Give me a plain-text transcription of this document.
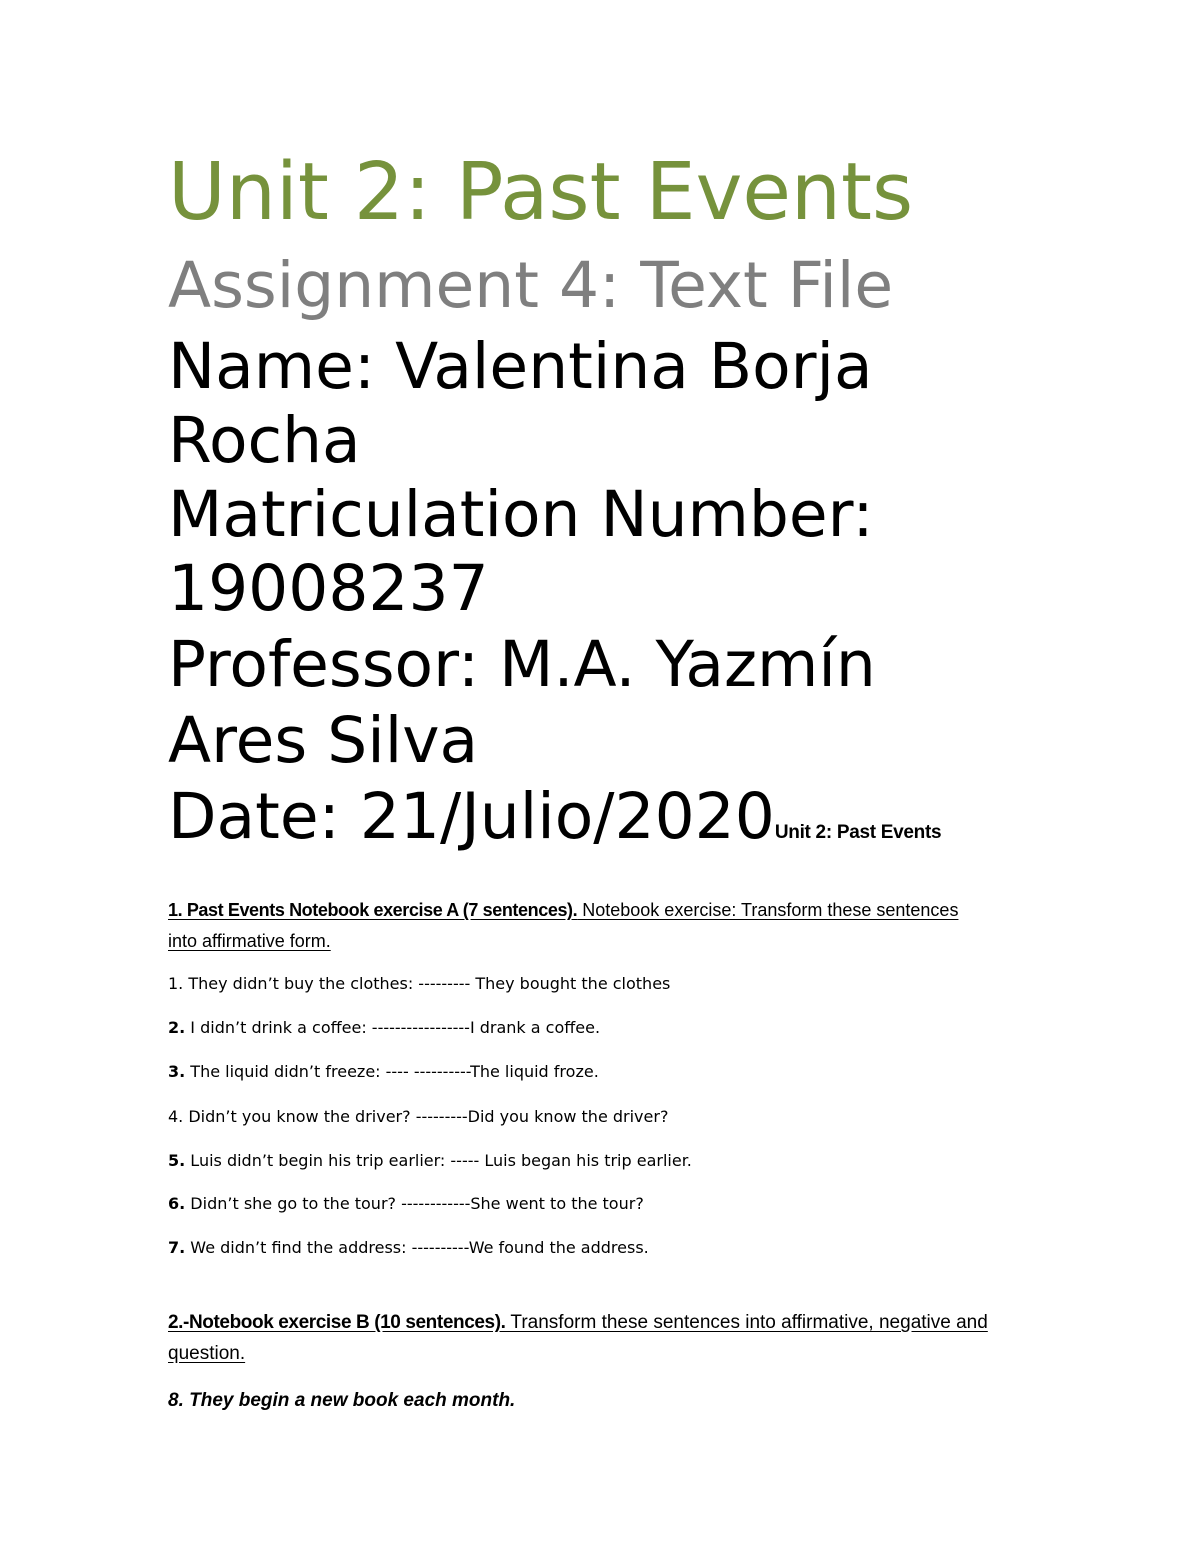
Unit 2: Past Events
Assignment 4: Text File
Name: Valentina Borja
Rocha
Matriculation Number:
19008237
Professor: M.A. Yazmín
Ares Silva
Date: 21/Julio/2020Unit 2: Past Events
1. Past Events Notebook exercise A (7 sentences). Notebook exercise: Transform these sentences into affirmative form.
1. They didn’t buy the clothes: --------- They bought the clothes
2. I didn’t drink a coffee: -----------------I drank a coffee.
3. The liquid didn’t freeze: ---- ----------The liquid froze.
4. Didn’t you know the driver? ---------Did you know the driver?
5. Luis didn’t begin his trip earlier: ----- Luis began his trip earlier.
6. Didn’t she go to the tour? ------------She went to the tour?
7. We didn’t find the address: ----------We found the address.
2.-Notebook exercise B (10 sentences). Transform these sentences into affirmative, negative and question.
8. They begin a new book each month.
